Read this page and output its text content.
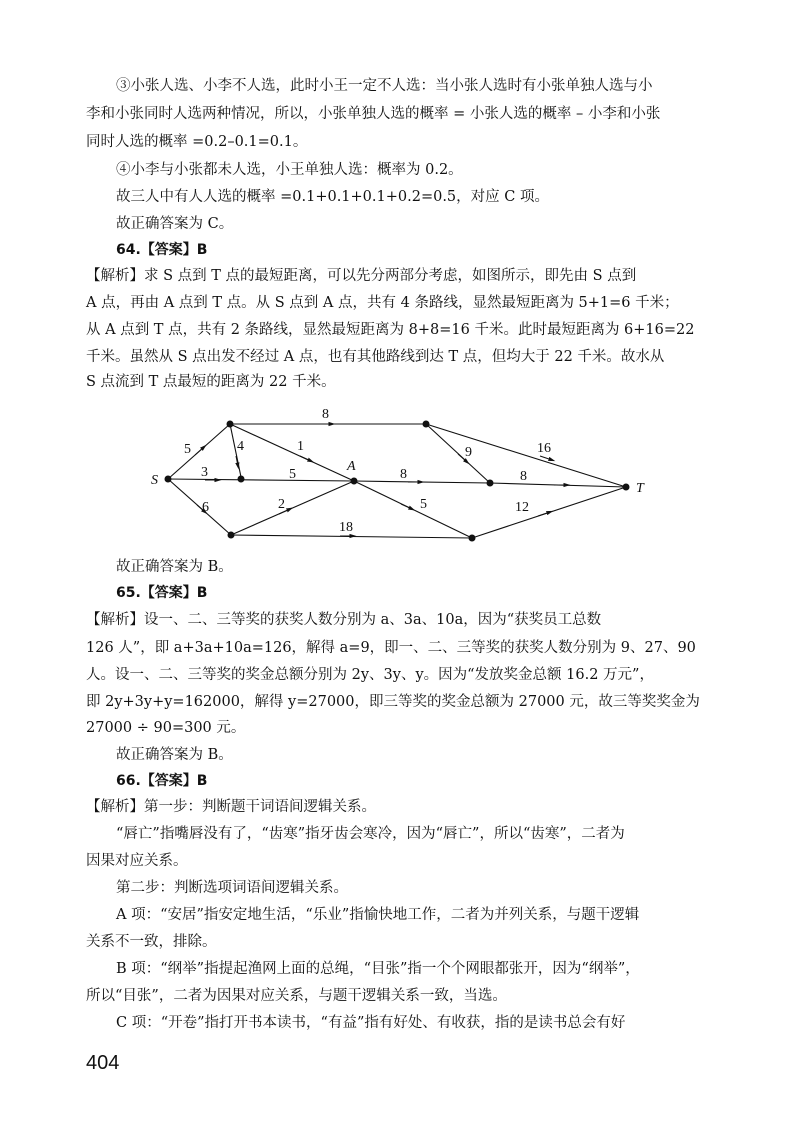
③小张人选、小李不人选，此时小王一定不人选：当小张人选时有小张单独人选与小
李和小张同时人选两种情况，所以，小张单独人选的概率 = 小张人选的概率 – 小李和小张
同时人选的概率 =0.2–0.1=0.1。
④小李与小张都未人选，小王单独人选：概率为 0.2。
故三人中有人人选的概率 =0.1+0.1+0.1+0.2=0.5，对应 C 项。
故正确答案为 C。
64.【答案】B
【解析】求 S 点到 T 点的最短距离，可以先分两部分考虑，如图所示，即先由 S 点到
A 点，再由 A 点到 T 点。从 S 点到 A 点，共有 4 条路线，显然最短距离为 5+1=6 千米；
从 A 点到 T 点，共有 2 条路线，显然最短距离为 8+8=16 千米。此时最短距离为 6+16=22
千米。虽然从 S 点出发不经过 A 点，也有其他路线到达 T 点，但均大于 22 千米。故水从
S 点流到 T 点最短的距离为 22 千米。
S
A
T
8
5	4	1	16
9
3	5	8	8
6	2	5	12
18
故正确答案为 B。
65.【答案】B
【解析】设一、二、三等奖的获奖人数分别为 a、3a、10a，因为“获奖员工总数
126 人”，即 a+3a+10a=126，解得 a=9，即一、二、三等奖的获奖人数分别为 9、27、90
人。设一、二、三等奖的奖金总额分别为 2y、3y、y。因为“发放奖金总额 16.2 万元”，
即 2y+3y+y=162000，解得 y=27000，即三等奖的奖金总额为 27000 元，故三等奖奖金为
27000 ÷ 90=300 元。
故正确答案为 B。
66.【答案】B
【解析】第一步：判断题干词语间逻辑关系。
“唇亡”指嘴唇没有了，“齿寒”指牙齿会寒冷，因为“唇亡”，所以“齿寒”，二者为
因果对应关系。
第二步：判断选项词语间逻辑关系。
A 项：“安居”指安定地生活，“乐业”指愉快地工作，二者为并列关系，与题干逻辑
关系不一致，排除。
B 项：“纲举”指提起渔网上面的总绳，“目张”指一个个网眼都张开，因为“纲举”，
所以“目张”，二者为因果对应关系，与题干逻辑关系一致，当选。
C 项：“开卷”指打开书本读书，“有益”指有好处、有收获，指的是读书总会有好
404
